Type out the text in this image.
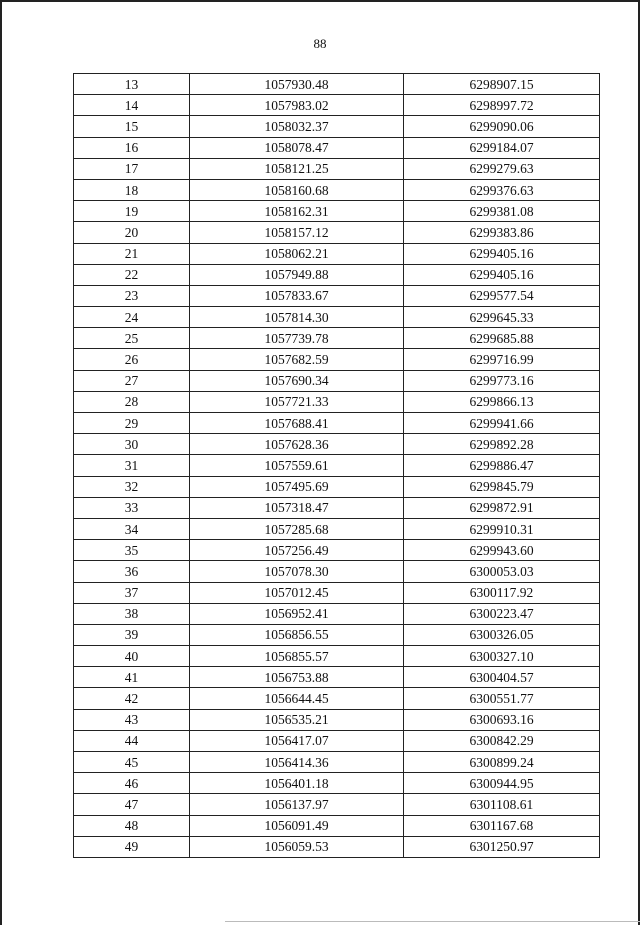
88
13	1057930.48	6298907.15
14	1057983.02	6298997.72
15	1058032.37	6299090.06
16	1058078.47	6299184.07
17	1058121.25	6299279.63
18	1058160.68	6299376.63
19	1058162.31	6299381.08
20	1058157.12	6299383.86
21	1058062.21	6299405.16
22	1057949.88	6299405.16
23	1057833.67	6299577.54
24	1057814.30	6299645.33
25	1057739.78	6299685.88
26	1057682.59	6299716.99
27	1057690.34	6299773.16
28	1057721.33	6299866.13
29	1057688.41	6299941.66
30	1057628.36	6299892.28
31	1057559.61	6299886.47
32	1057495.69	6299845.79
33	1057318.47	6299872.91
34	1057285.68	6299910.31
35	1057256.49	6299943.60
36	1057078.30	6300053.03
37	1057012.45	6300117.92
38	1056952.41	6300223.47
39	1056856.55	6300326.05
40	1056855.57	6300327.10
41	1056753.88	6300404.57
42	1056644.45	6300551.77
43	1056535.21	6300693.16
44	1056417.07	6300842.29
45	1056414.36	6300899.24
46	1056401.18	6300944.95
47	1056137.97	6301108.61
48	1056091.49	6301167.68
49	1056059.53	6301250.97
